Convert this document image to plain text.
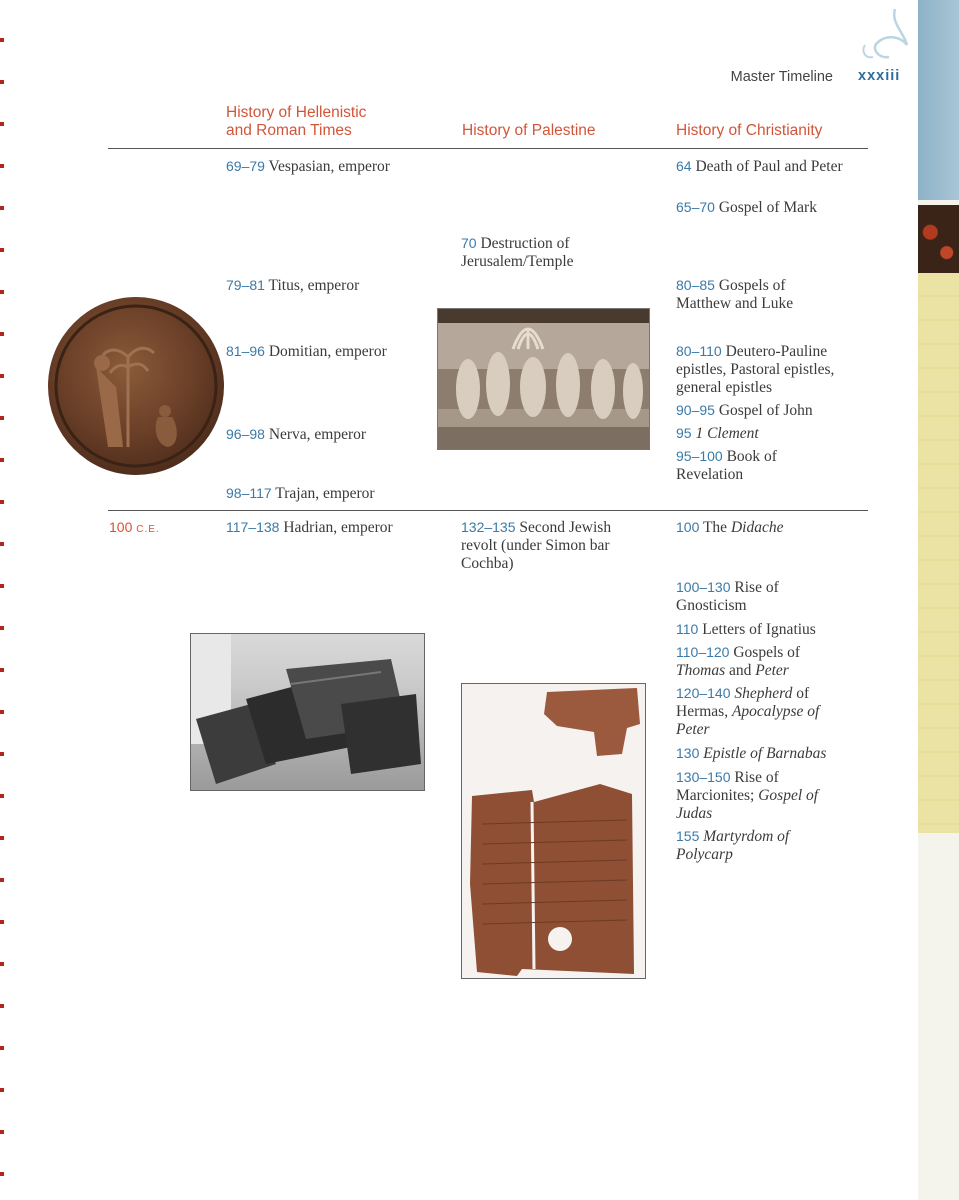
Master Timeline xxxiii
History of Hellenistic
and Roman Times	History of Palestine	History of Christianity
100 C.E.
69–79 Vespasian, emperor
79–81 Titus, emperor
81–96 Domitian, emperor
96–98 Nerva, emperor
98–117 Trajan, emperor
117–138 Hadrian, emperor
70 Destruction of Jerusalem/Temple
132–135 Second Jewish revolt (under Simon bar Cochba)
64 Death of Paul and Peter
65–70 Gospel of Mark
80–85 Gospels of Matthew and Luke
80–110 Deutero-Pauline epistles, Pastoral epistles, general epistles
90–95 Gospel of John
95 1 Clement
95–100 Book of Revelation
100 The Didache
100–130 Rise of Gnosticism
110 Letters of Ignatius
110–120 Gospels of Thomas and Peter
120–140 Shepherd of Hermas, Apocalypse of Peter
130 Epistle of Barnabas
130–150 Rise of Marcionites; Gospel of Judas
155 Martyrdom of Polycarp
